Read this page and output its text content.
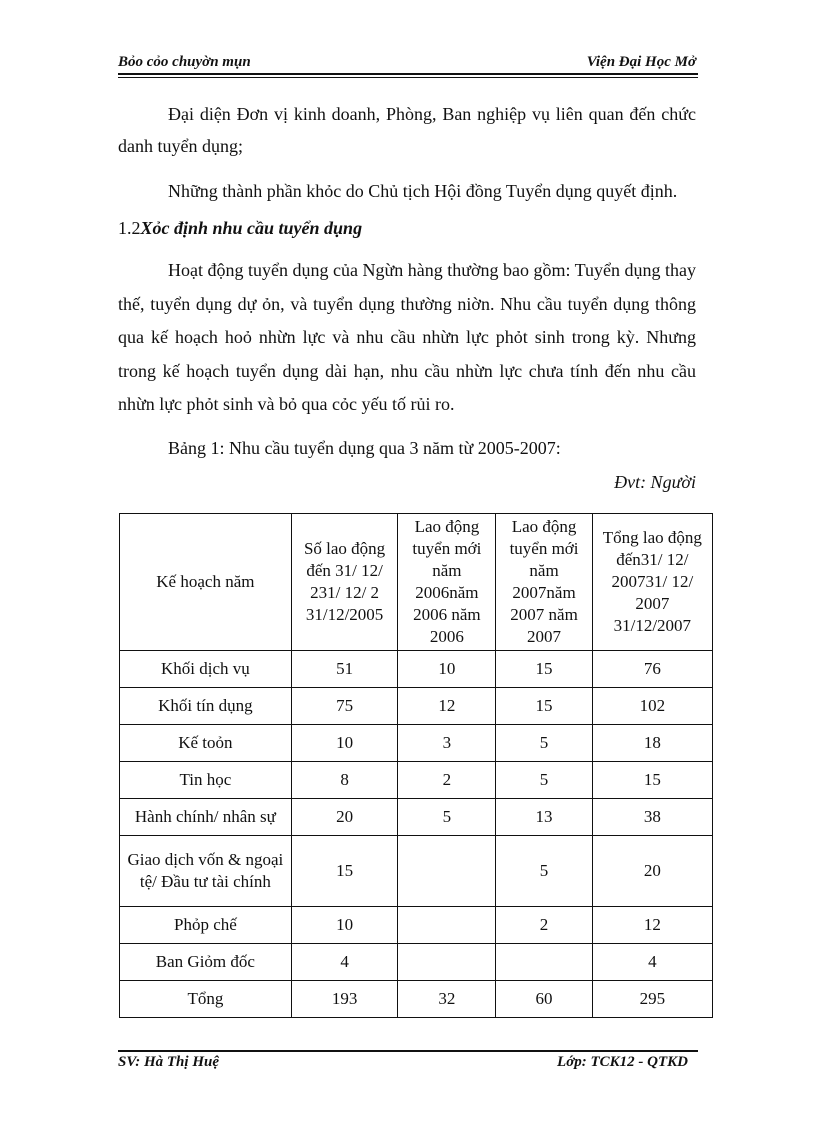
Bỏo cỏo chuyờn mụn	Viện Đại Học Mở
Đại diện Đơn vị kinh doanh, Phòng, Ban nghiệp vụ liên quan đến chức danh tuyển dụng;
Những thành phần khỏc do Chủ tịch Hội đồng Tuyển dụng quyết định.
1.2Xỏc định nhu cầu tuyển dụng
Hoạt động tuyển dụng của Ngừn hàng thường bao gồm: Tuyển dụng thay thế, tuyển dụng dự ỏn, và tuyển dụng thường niờn. Nhu cầu tuyển dụng thông qua kế hoạch hoỏ nhừn lực và nhu cầu nhừn lực phỏt sinh trong kỳ. Nhưng trong kế hoạch tuyển dụng dài hạn, nhu cầu nhừn lực chưa tính đến nhu cầu nhừn lực phỏt sinh và bỏ qua cỏc yếu tố rủi ro.
Bảng 1: Nhu cầu tuyển dụng qua 3 năm từ 2005-2007:
Đvt: Người
Kế hoạch năm	Số lao động đến 31/ 12/ 231/ 12/ 2 31/12/2005	Lao động tuyển mới năm 2006năm 2006 năm 2006	Lao động tuyển mới năm 2007năm 2007 năm 2007	Tổng lao động đến31/ 12/ 200731/ 12/ 2007 31/12/2007
Khối dịch vụ	51	10	15	76
Khối tín dụng	75	12	15	102
Kế toỏn	10	3	5	18
Tin học	8	2	5	15
Hành chính/ nhân sự	20	5	13	38
Giao dịch vốn & ngoại tệ/ Đầu tư tài chính	15		5	20
Phỏp chế	10		2	12
Ban Giỏm đốc	4			4
Tổng	193	32	60	295
SV: Hà Thị Huệ	Lớp: TCK12 - QTKD
